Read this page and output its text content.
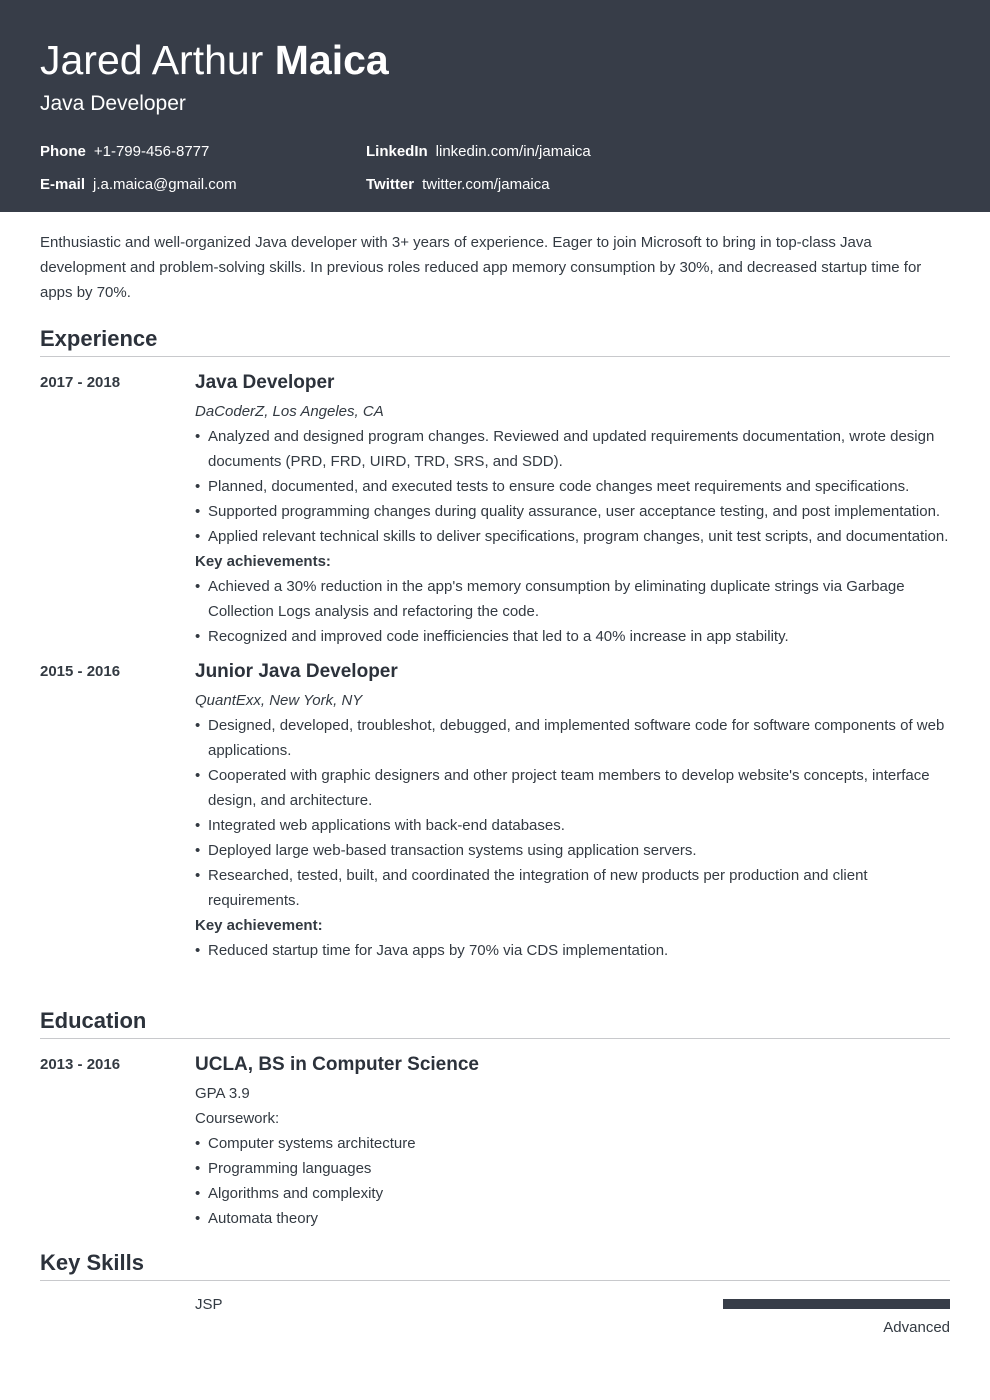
Jared Arthur Maica
Java Developer
Phone +1-799-456-8777
E-mail j.a.maica@gmail.com
LinkedIn linkedin.com/in/jamaica
Twitter twitter.com/jamaica
Enthusiastic and well-organized Java developer with 3+ years of experience. Eager to join Microsoft to bring in top-class Java development and problem-solving skills. In previous roles reduced app memory consumption by 30%, and decreased startup time for apps by 70%.
Experience
2017 - 2018	Java Developer
DaCoderZ, Los Angeles, CA
• Analyzed and designed program changes. Reviewed and updated requirements documentation, wrote design documents (PRD, FRD, UIRD, TRD, SRS, and SDD).
• Planned, documented, and executed tests to ensure code changes meet requirements and specifications.
• Supported programming changes during quality assurance, user acceptance testing, and post implementation.
• Applied relevant technical skills to deliver specifications, program changes, unit test scripts, and documentation.
Key achievements:
• Achieved a 30% reduction in the app's memory consumption by eliminating duplicate strings via Garbage Collection Logs analysis and refactoring the code.
• Recognized and improved code inefficiencies that led to a 40% increase in app stability.
2015 - 2016	Junior Java Developer
QuantExx, New York, NY
• Designed, developed, troubleshot, debugged, and implemented software code for software components of web applications.
• Cooperated with graphic designers and other project team members to develop website's concepts, interface design, and architecture.
• Integrated web applications with back-end databases.
• Deployed large web-based transaction systems using application servers.
• Researched, tested, built, and coordinated the integration of new products per production and client requirements.
Key achievement:
• Reduced startup time for Java apps by 70% via CDS implementation.
Education
2013 - 2016	UCLA, BS in Computer Science
GPA 3.9
Coursework:
• Computer systems architecture
• Programming languages
• Algorithms and complexity
• Automata theory
Key Skills
JSP
Advanced
